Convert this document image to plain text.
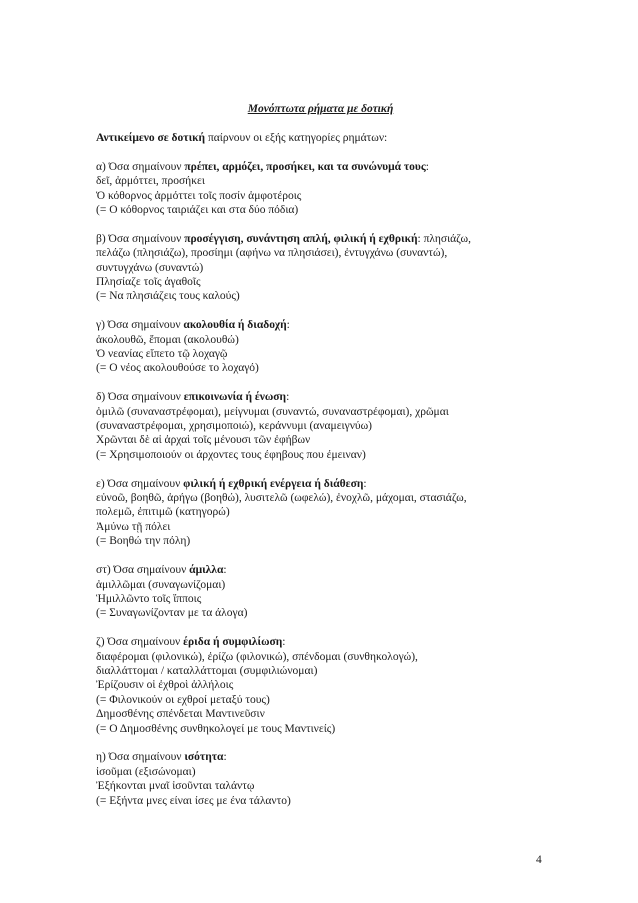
Μονόπτωτα ρήματα με δοτική

Αντικείμενο σε δοτική παίρνουν οι εξής κατηγορίες ρημάτων:

α) Όσα σημαίνουν πρέπει, αρμόζει, προσήκει, και τα συνώνυμά τους:

δεῖ, ἁρμόττει, προσήκει

Ὁ κόθορνος ἁρμόττει τοῖς ποσίν ἀμφοτέροις

(= Ο κόθορνος ταιριάζει και στα δύο πόδια)

β) Όσα σημαίνουν προσέγγιση, συνάντηση απλή, φιλική ή εχθρική: πλησιάζω,

πελάζω (πλησιάζω), προσίημι (αφήνω να πλησιάσει), ἐντυγχάνω (συναντώ),

συντυγχάνω (συναντώ)

Πλησίαζε τοῖς ἀγαθοῖς

(= Να πλησιάζεις τους καλούς)

γ) Όσα σημαίνουν ακολουθία ή διαδοχή:

ἀκολουθῶ, ἕπομαι (ακολουθώ)

Ὁ νεανίας εἵπετο τῷ λοχαγῷ

(= Ο νέος ακολουθούσε το λοχαγό)

δ) Όσα σημαίνουν επικοινωνία ή ένωση:

ὁμιλῶ (συναναστρέφομαι), μείγνυμαι (συναντώ, συναναστρέφομαι), χρῶμαι

(συναναστρέφομαι, χρησιμοποιώ), κεράννυμι (αναμειγνύω)

Χρῶνται δὲ αἱ ἀρχαὶ τοῖς μένουσι τῶν ἐφήβων

(= Χρησιμοποιούν οι άρχοντες τους έφηβους που έμειναν)

ε) Όσα σημαίνουν φιλική ή εχθρική ενέργεια ή διάθεση:

εὐνοῶ, βοηθῶ, ἀρήγω (βοηθώ), λυσιτελῶ (ωφελώ), ἐνοχλῶ, μάχομαι, στασιάζω,

πολεμῶ, ἐπιτιμῶ (κατηγορώ)

Ἀμύνω τῇ πόλει

(= Βοηθώ την πόλη)

στ) Όσα σημαίνουν άμιλλα:

ἁμιλλῶμαι (συναγωνίζομαι)

Ἡμιλλῶντο τοῖς ἵπποις

(= Συναγωνίζονταν με τα άλογα)

ζ) Όσα σημαίνουν έριδα ή συμφιλίωση:

διαφέρομαι (φιλονικώ), ἐρίζω (φιλονικώ), σπένδομαι (συνθηκολογώ),

διαλλάττομαι / καταλλάττομαι (συμφιλιώνομαι)

Ἐρίζουσιν οἱ ἐχθροὶ ἀλλήλοις

(= Φιλονικούν οι εχθροί μεταξύ τους)

Δημοσθένης σπένδεται Μαντινεῦσιν

(= Ο Δημοσθένης συνθηκολογεί με τους Μαντινείς)

η) Όσα σημαίνουν ισότητα:

ἰσοῦμαι (εξισώνομαι)

Ἐξήκονται μναῖ ἰσοῦνται ταλάντῳ

(= Εξήντα μνες είναι ίσες με ένα τάλαντο)

4
